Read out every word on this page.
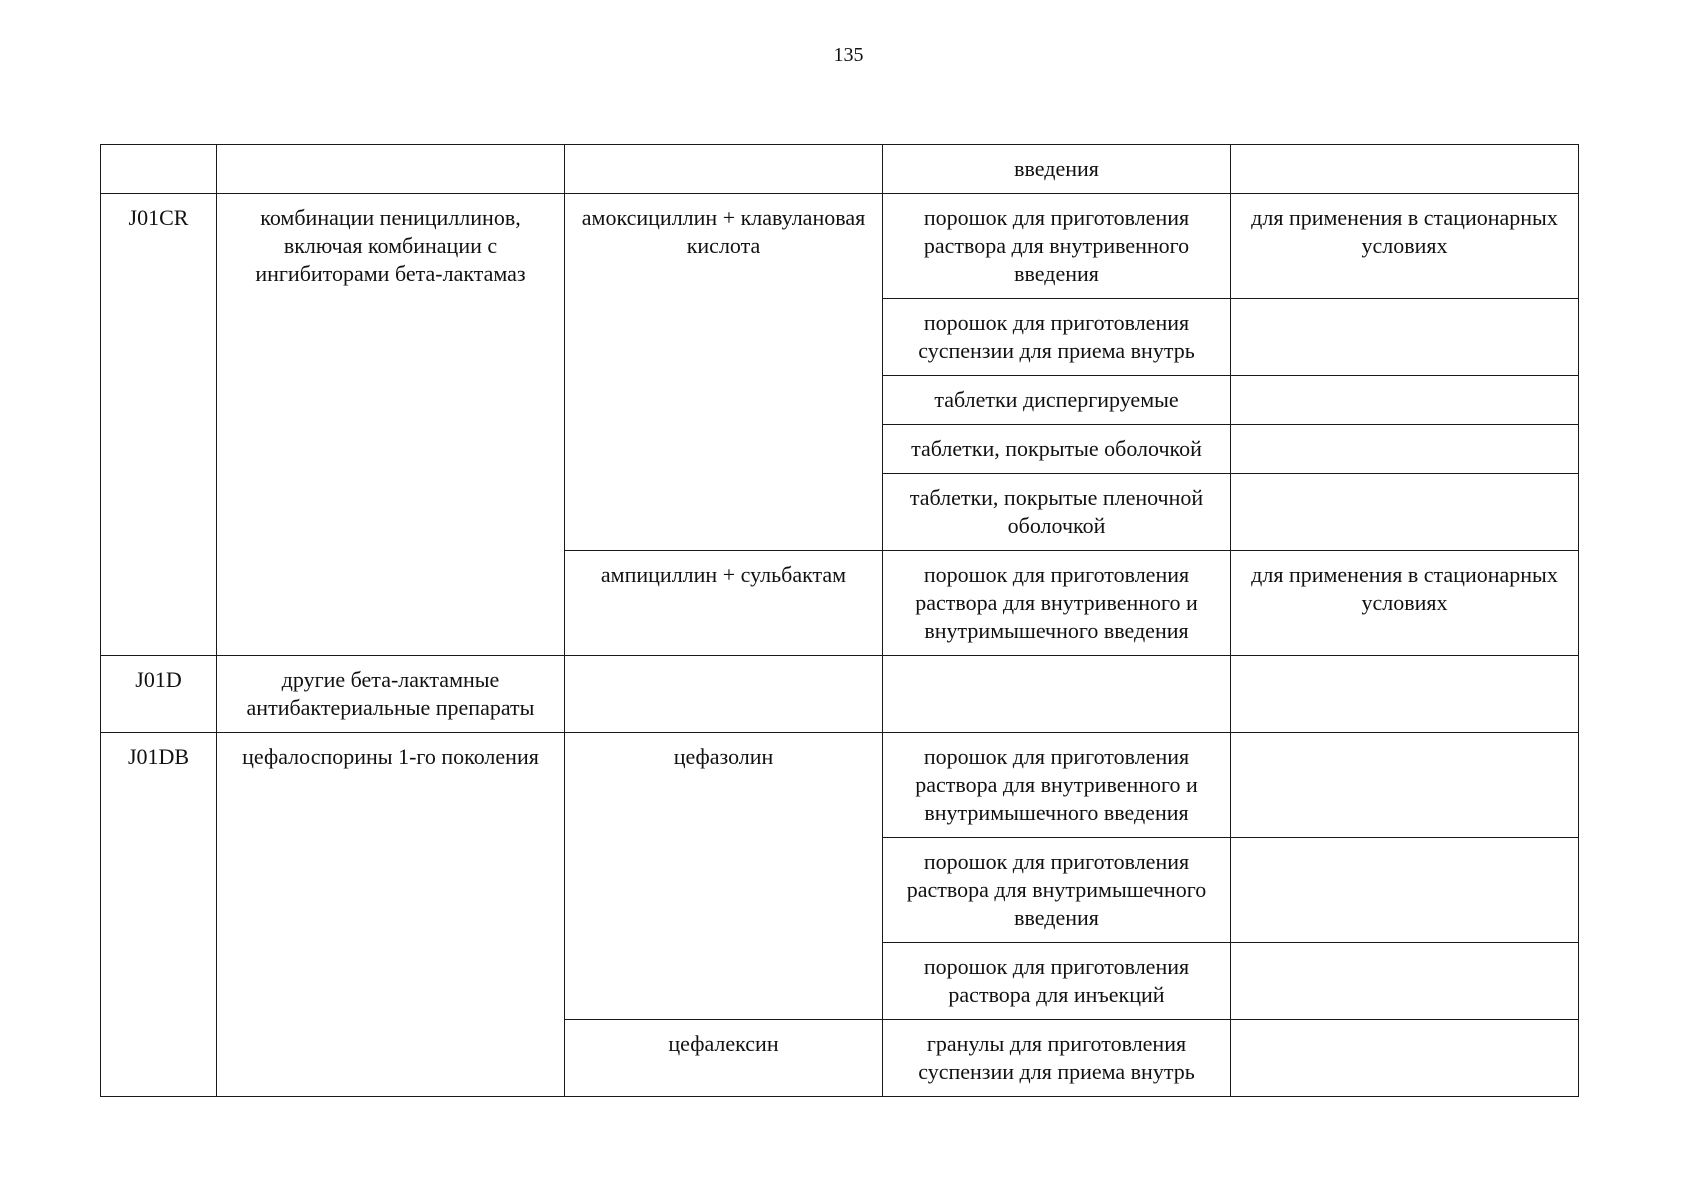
135
			введения	
J01CR	комбинации пенициллинов, включая комбинации с ингибиторами бета-лактамаз	амоксициллин + клавулановая кислота	порошок для приготовления раствора для внутривенного введения	для применения в стационарных условиях
			порошок для приготовления суспензии для приема внутрь	
			таблетки диспергируемые	
			таблетки, покрытые оболочкой	
			таблетки, покрытые пленочной оболочкой	
		ампициллин + сульбактам	порошок для приготовления раствора для внутривенного и внутримышечного введения	для применения в стационарных условиях
J01D	другие бета-лактамные антибактериальные препараты			
J01DB	цефалоспорины 1-го поколения	цефазолин	порошок для приготовления раствора для внутривенного и внутримышечного введения	
			порошок для приготовления раствора для внутримышечного введения	
			порошок для приготовления раствора для инъекций	
		цефалексин	гранулы для приготовления суспензии для приема внутрь	
